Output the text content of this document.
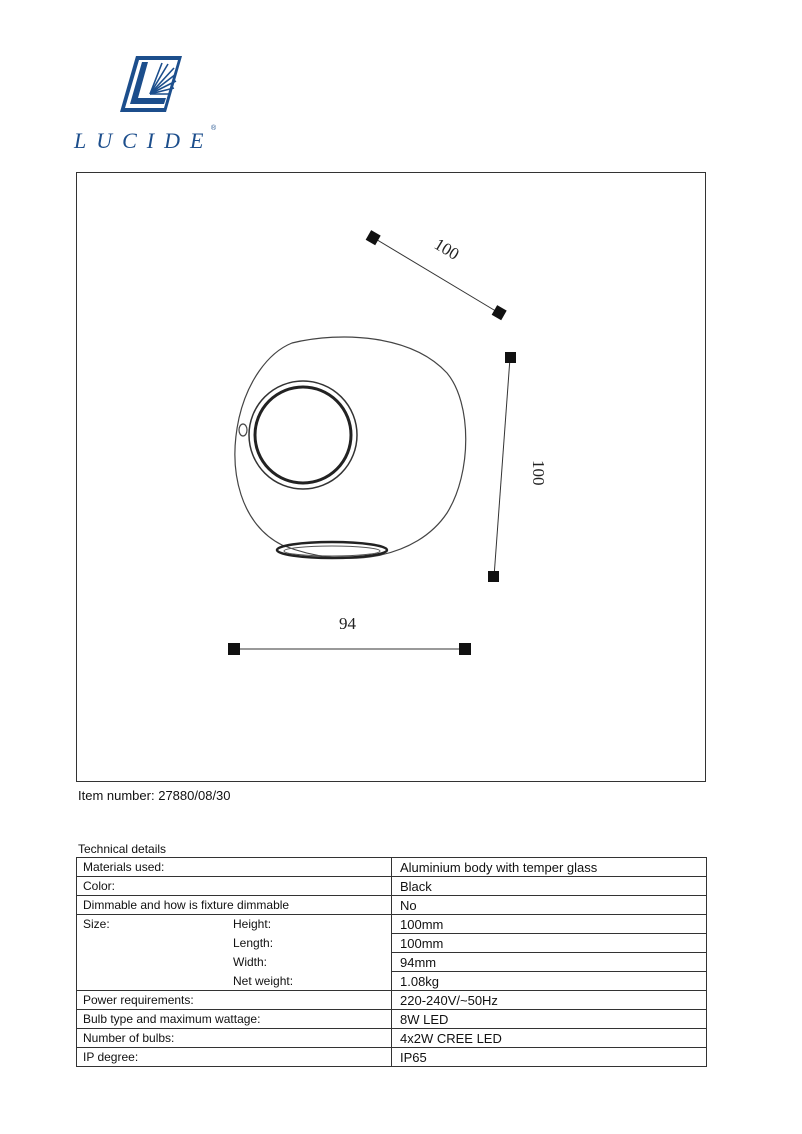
LUCIDE
®
100
100
94
Item number: 27880/08/30
Technical details
Materials used:	Aluminium body with temper glass
Color:	Black
Dimmable and how is fixture dimmable	No
Size: Height:	100mm
Length:	100mm
Width:	94mm
Net weight:	1.08kg
Power requirements:	220-240V/~50Hz
Bulb type and maximum wattage:	8W LED
Number of bulbs:	4x2W CREE LED
IP degree:	IP65
